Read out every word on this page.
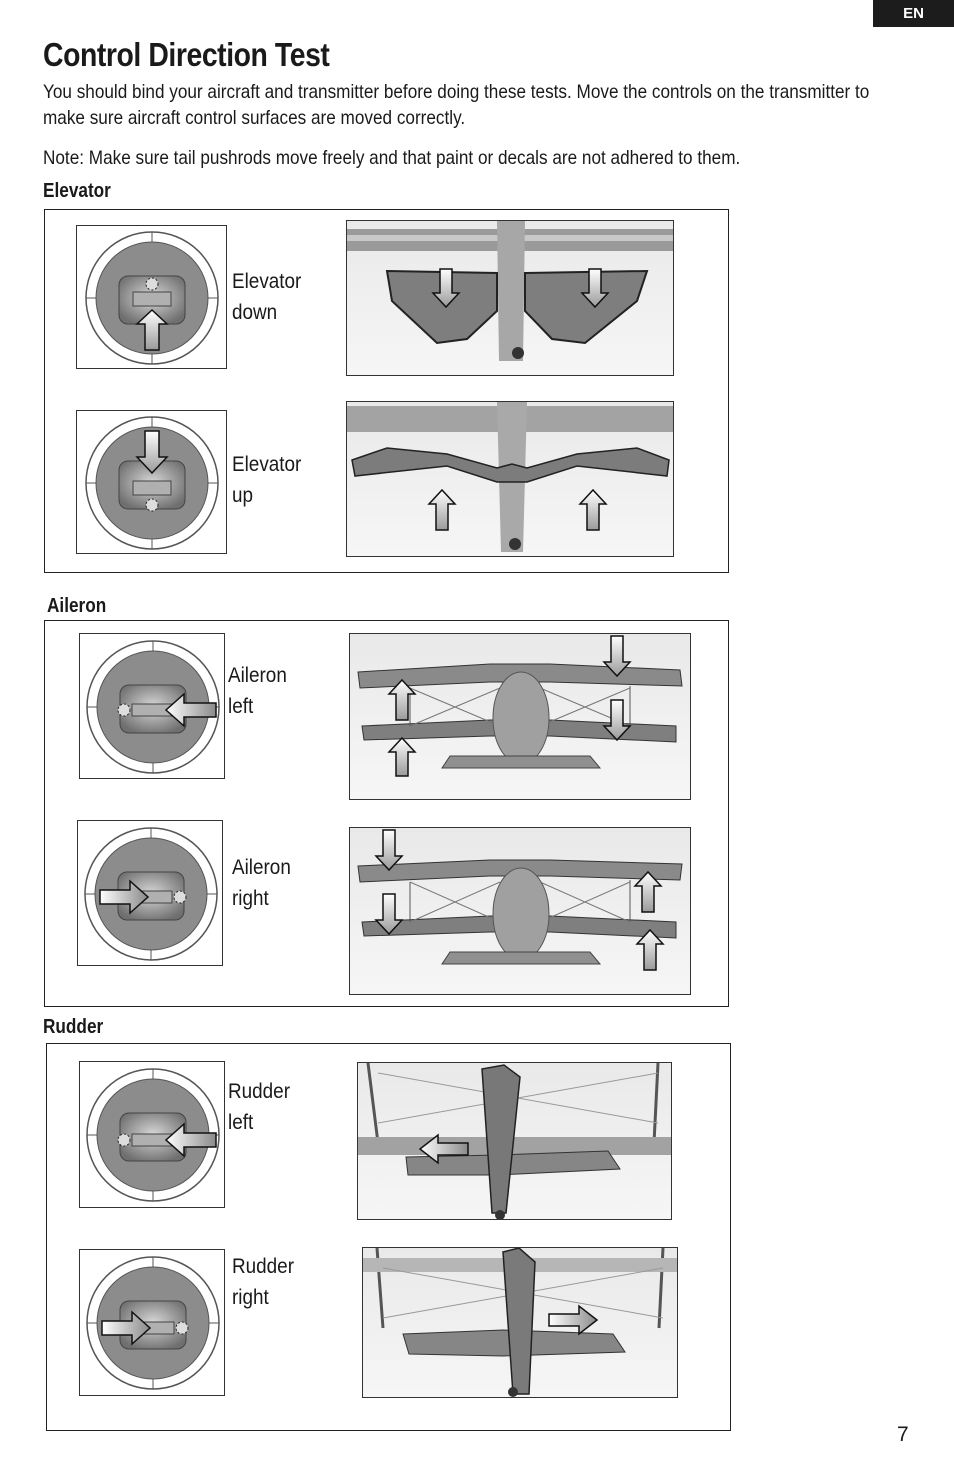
EN
Control Direction Test

You should bind your aircraft and transmitter before doing these tests. Move the controls on the transmitter to make sure aircraft control surfaces are moved correctly.

Note: Make sure tail pushrods move freely and that paint or decals are not adhered to them.

Elevator
Elevator
down
Elevator
up
Aileron
Aileron
left
Aileron
right
Rudder
Rudder
left
Rudder
right
7
